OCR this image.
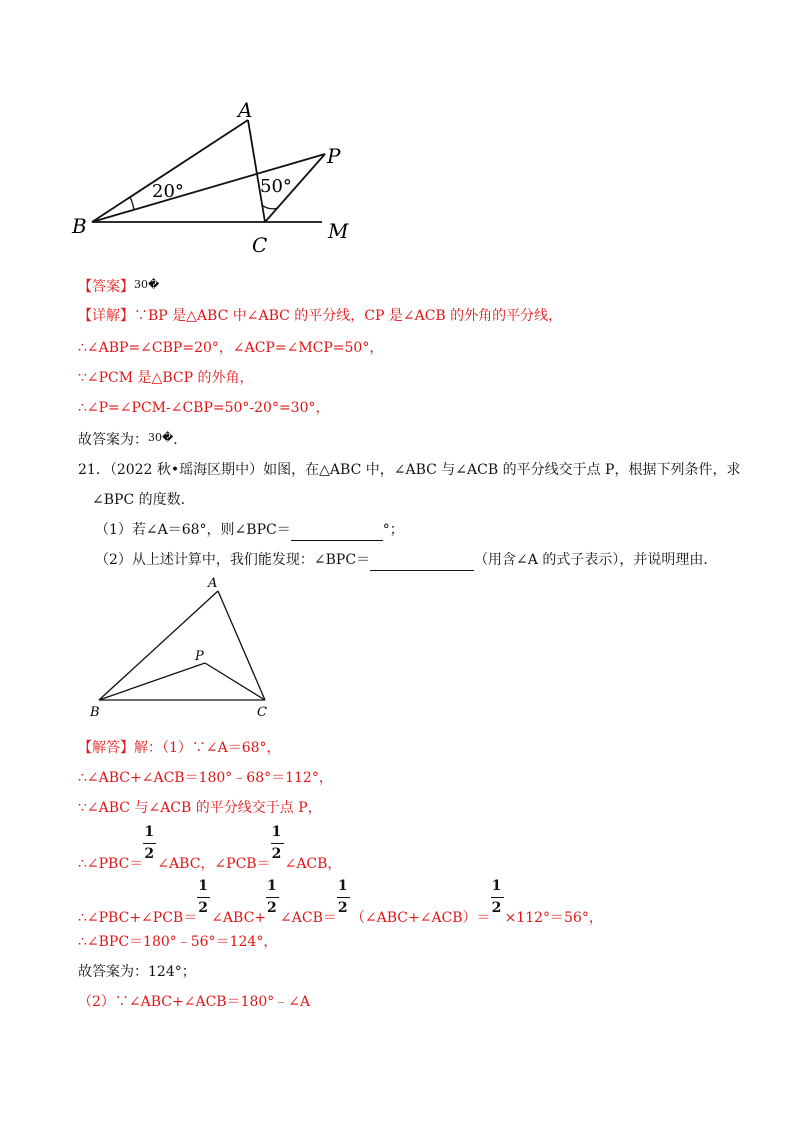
A
P
B
C
M
20°	50°
【答案】$^{30�}$
【详解】∵BP 是△ABC 中∠ABC 的平分线，CP 是∠ACB 的外角的平分线，
∴∠ABP=∠CBP=20°，∠ACP=∠MCP=50°，
∵∠PCM 是△BCP 的外角，
∴∠P=∠PCM-∠CBP=50°-20°=30°，
故答案为：$^{30�}$.
21．（2022 秋•瑶海区期中）如图，在△ABC 中，∠ABC 与∠ACB 的平分线交于点 P，根据下列条件，求
∠BPC 的度数．
（1）若∠A＝68°，则∠BPC＝	°；
（2）从上述计算中，我们能发现：∠BPC＝	（用含∠A 的式子表示），并说明理由．
A
P
B	C
【解答】解：（1）∵∠A＝68°，
∴∠ABC+∠ACB＝180°﹣68°＝112°，
∵∠ABC 与∠ACB 的平分线交于点 P，
∴∠PBC＝ $\frac{1}{2}$ ∠ABC，∠PCB＝ $\frac{1}{2}$ ∠ACB，
∴∠PBC+∠PCB＝ $\frac{1}{2}$ ∠ABC+ $\frac{1}{2}$ ∠ACB＝ $\frac{1}{2}$ （∠ABC+∠ACB）＝ $\frac{1}{2} \times 112^\circ=56^\circ$，
∴∠BPC＝180°﹣56°＝124°，
故答案为：124°；
（2）∵∠ABC+∠ACB＝180°﹣∠A
